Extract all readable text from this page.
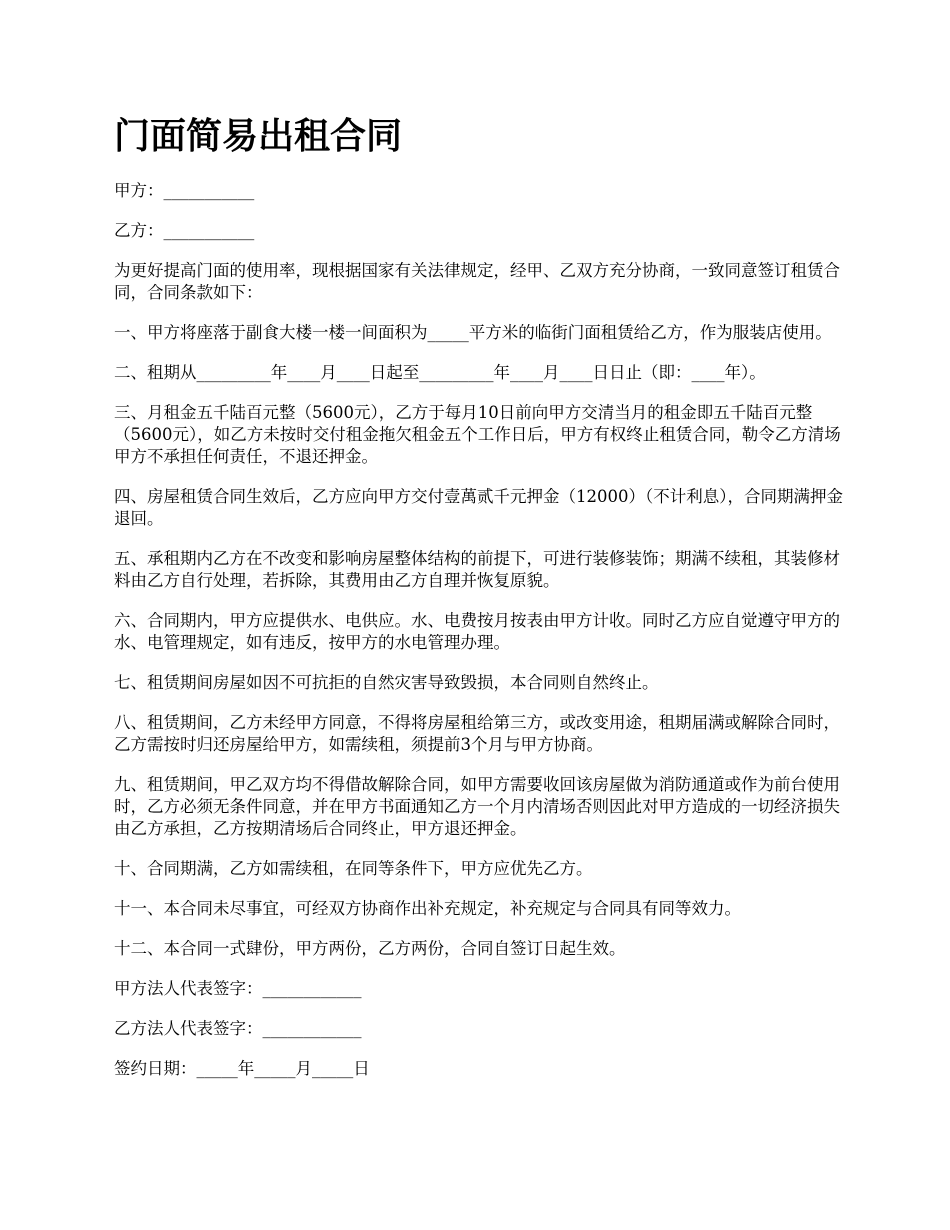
门面简易出租合同

甲方：___________

乙方：___________

为更好提高门面的使用率，现根据国家有关法律规定，经甲、乙双方充分协商，一致同意签订租赁合同，合同条款如下：

一、甲方将座落于副食大楼一楼一间面积为_____平方米的临街门面租赁给乙方，作为服装店使用。

二、租期从_________年____月____日起至_________年____月____日日止（即：____年）。

三、月租金五千陆百元整（5600元），乙方于每月10日前向甲方交清当月的租金即五千陆百元整（5600元），如乙方未按时交付租金拖欠租金五个工作日后，甲方有权终止租赁合同，勒令乙方清场甲方不承担任何责任，不退还押金。

四、房屋租赁合同生效后，乙方应向甲方交付壹萬贰千元押金（12000）（不计利息），合同期满押金退回。

五、承租期内乙方在不改变和影响房屋整体结构的前提下，可进行装修装饰；期满不续租，其装修材料由乙方自行处理，若拆除，其费用由乙方自理并恢复原貌。

六、合同期内，甲方应提供水、电供应。水、电费按月按表由甲方计收。同时乙方应自觉遵守甲方的水、电管理规定，如有违反，按甲方的水电管理办理。

七、租赁期间房屋如因不可抗拒的自然灾害导致毁损，本合同则自然终止。

八、租赁期间，乙方未经甲方同意，不得将房屋租给第三方，或改变用途，租期届满或解除合同时，乙方需按时归还房屋给甲方，如需续租，须提前3个月与甲方协商。

九、租赁期间，甲乙双方均不得借故解除合同，如甲方需要收回该房屋做为消防通道或作为前台使用时，乙方必须无条件同意，并在甲方书面通知乙方一个月内清场否则因此对甲方造成的一切经济损失由乙方承担，乙方按期清场后合同终止，甲方退还押金。

十、合同期满，乙方如需续租，在同等条件下，甲方应优先乙方。

十一、本合同未尽事宜，可经双方协商作出补充规定，补充规定与合同具有同等效力。

十二、本合同一式肆份，甲方两份，乙方两份，合同自签订日起生效。

甲方法人代表签字：____________

乙方法人代表签字：____________

签约日期：_____年_____月_____日
